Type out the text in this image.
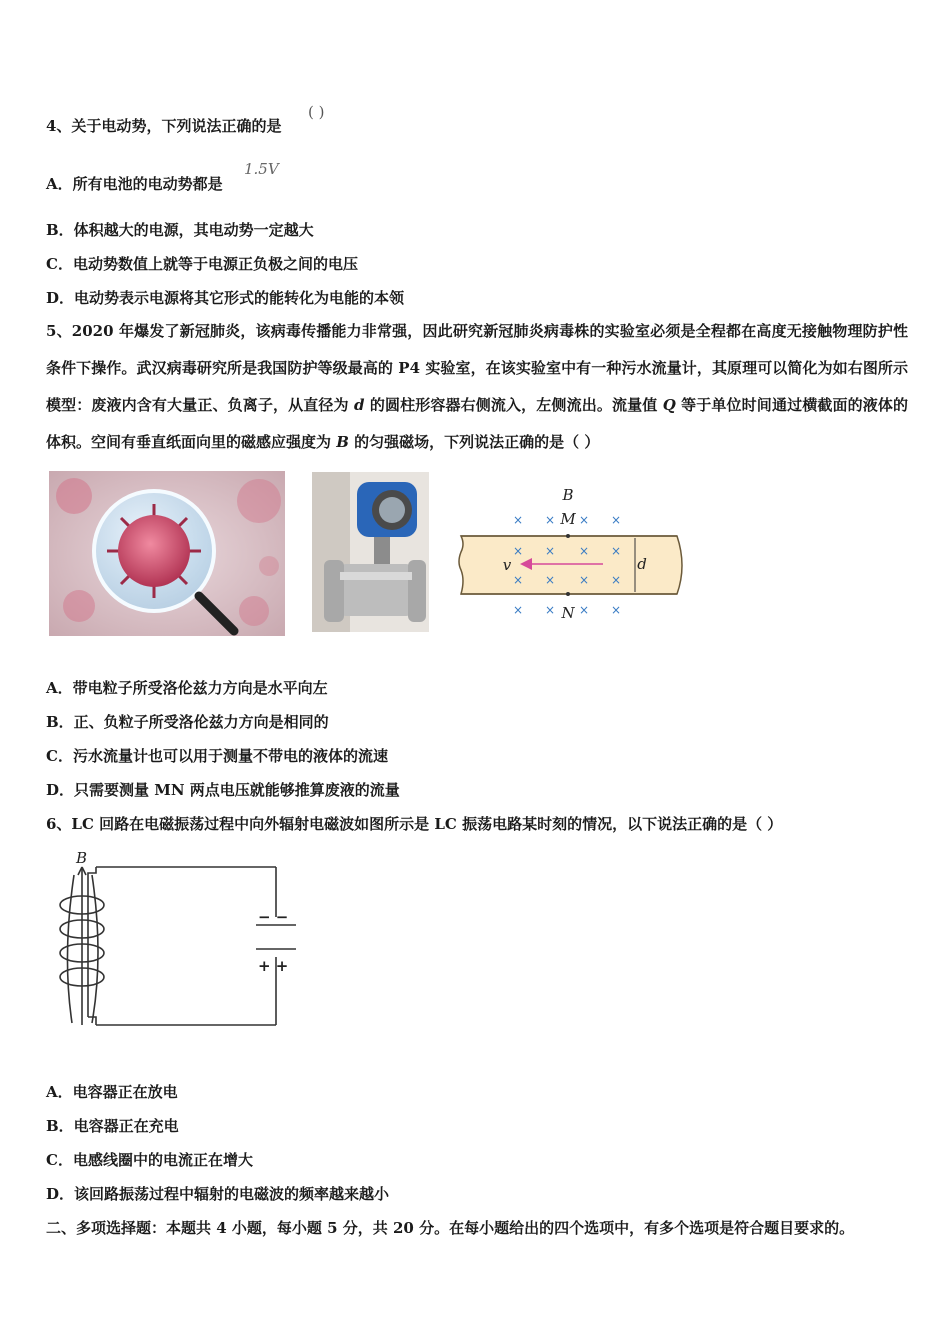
4、关于电动势，下列说法正确的是
( )
A．所有电池的电动势都是
1.5V
B．体积越大的电源，其电动势一定越大
C．电动势数值上就等于电源正负极之间的电压
D．电动势表示电源将其它形式的能转化为电能的本领
5、2020 年爆发了新冠肺炎，该病毒传播能力非常强，因此研究新冠肺炎病毒株的实验室必须是全程都在高度无接触物理防护性条件下操作。武汉病毒研究所是我国防护等级最高的 P4 实验室，在该实验室中有一种污水流量计，其原理可以简化为如右图所示模型：废液内含有大量正、负离子，从直径为 d 的圆柱形容器右侧流入，左侧流出。流量值 Q 等于单位时间通过横截面的液体的体积。空间有垂直纸面向里的磁感应强度为 B 的匀强磁场，下列说法正确的是（ ）
× × × ×
× × × ×
× × × ×
× × × ×
B
M
N
v	d
A．带电粒子所受洛伦兹力方向是水平向左
B．正、负粒子所受洛伦兹力方向是相同的
C．污水流量计也可以用于测量不带电的液体的流速
D．只需要测量 MN 两点电压就能够推算废液的流量
6、LC 回路在电磁振荡过程中向外辐射电磁波如图所示是 LC 振荡电路某时刻的情况，以下说法正确的是（ ）
B
− −
+ +
A．电容器正在放电
B．电容器正在充电
C．电感线圈中的电流正在增大
D．该回路振荡过程中辐射的电磁波的频率越来越小
二、多项选择题：本题共 4 小题，每小题 5 分，共 20 分。在每小题给出的四个选项中，有多个选项是符合题目要求的。
